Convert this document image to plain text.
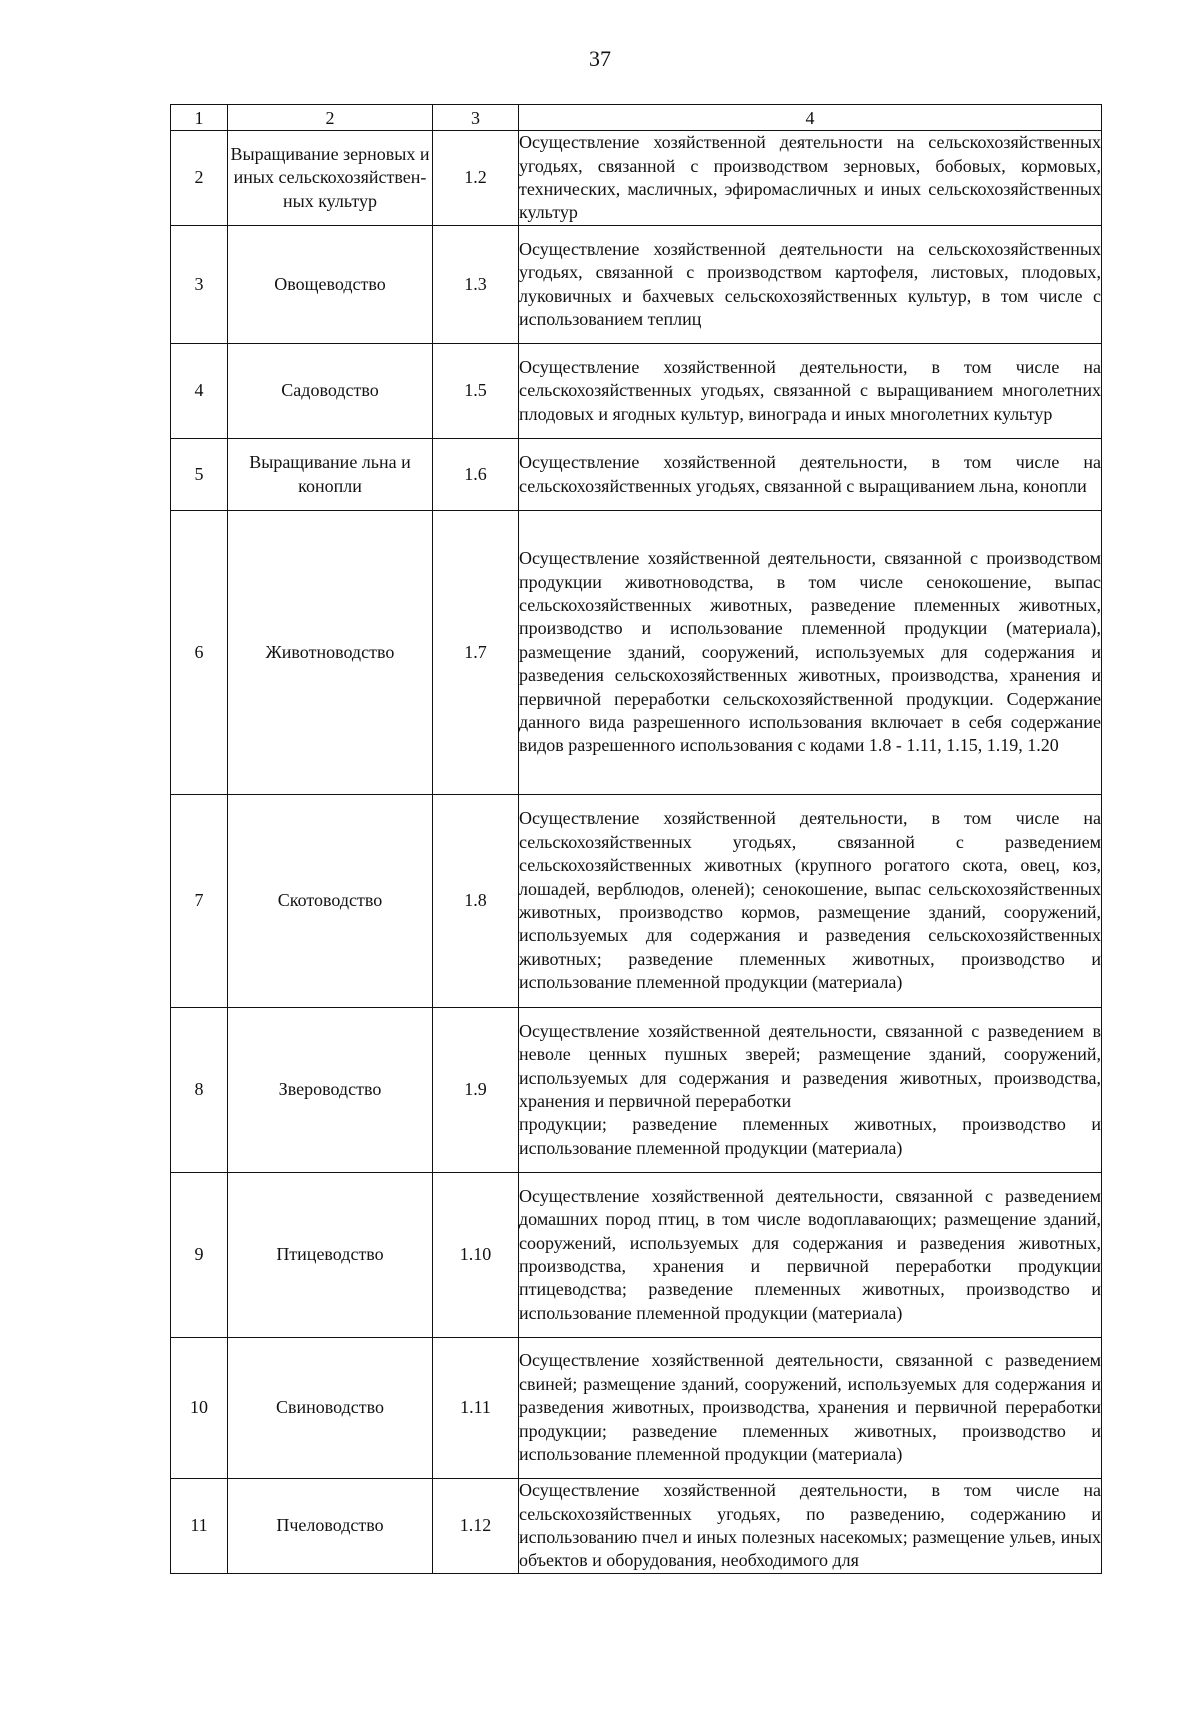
37
1	2	3	4
2	Выращивание зерновых и иных сельскохозяйствен-ных культур	1.2	Осуществление хозяйственной деятельности на сельскохозяйственных угодьях, связанной с производством зерновых, бобовых, кормовых, технических, масличных, эфиромасличных и иных сельскохозяйственных культур
3	Овощеводство	1.3	Осуществление хозяйственной деятельности на сельскохозяйственных угодьях, связанной с производством картофеля, листовых, плодовых, луковичных и бахчевых сельскохозяйственных культур, в том числе с использованием теплиц
4	Садоводство	1.5	Осуществление хозяйственной деятельности, в том числе на сельскохозяйственных угодьях, связанной с выращиванием многолетних плодовых и ягодных культур, винограда и иных многолетних культур
5	Выращивание льна и конопли	1.6	Осуществление хозяйственной деятельности, в том числе на сельскохозяйственных угодьях, связанной с выращиванием льна, конопли
6	Животноводство	1.7	Осуществление хозяйственной деятельности, связанной с производством продукции животноводства, в том числе сенокошение, выпас сельскохозяйственных животных, разведение племенных животных, производство и использование племенной продукции (материала), размещение зданий, сооружений, используемых для содержания и разведения сельскохозяйственных животных, производства, хранения и первичной переработки сельскохозяйственной продукции. Содержание данного вида разрешенного использования включает в себя содержание видов разрешенного использования с кодами 1.8 - 1.11, 1.15, 1.19, 1.20
7	Скотоводство	1.8	Осуществление хозяйственной деятельности, в том числе на сельскохозяйственных угодьях, связанной с разведением сельскохозяйственных животных (крупного рогатого скота, овец, коз, лошадей, верблюдов, оленей); сенокошение, выпас сельскохозяйственных животных, производство кормов, размещение зданий, сооружений, используемых для содержания и разведения сельскохозяйственных животных; разведение племенных животных, производство и использование племенной продукции (материала)
8	Звероводство	1.9	Осуществление хозяйственной деятельности, связанной с разведением в неволе ценных пушных зверей; размещение зданий, сооружений, используемых для содержания и разведения животных, производства, хранения и первичной переработки
продукции; разведение племенных животных, производство и использование племенной продукции (материала)

9	Птицеводство	1.10	Осуществление хозяйственной деятельности, связанной с разведением домашних пород птиц, в том числе водоплавающих; размещение зданий, сооружений, используемых для содержания и разведения животных, производства, хранения и первичной переработки продукции птицеводства; разведение племенных животных, производство и использование племенной продукции (материала)
10	Свиноводство	1.11	Осуществление хозяйственной деятельности, связанной с разведением свиней; размещение зданий, сооружений, используемых для содержания и разведения животных, производства, хранения и первичной переработки продукции; разведение племенных животных, производство и использование племенной продукции (материала)
11	Пчеловодство	1.12	Осуществление хозяйственной деятельности, в том числе на сельскохозяйственных угодьях, по разведению, содержанию и использованию пчел и иных полезных насекомых; размещение ульев, иных объектов и оборудования, необходимого для
